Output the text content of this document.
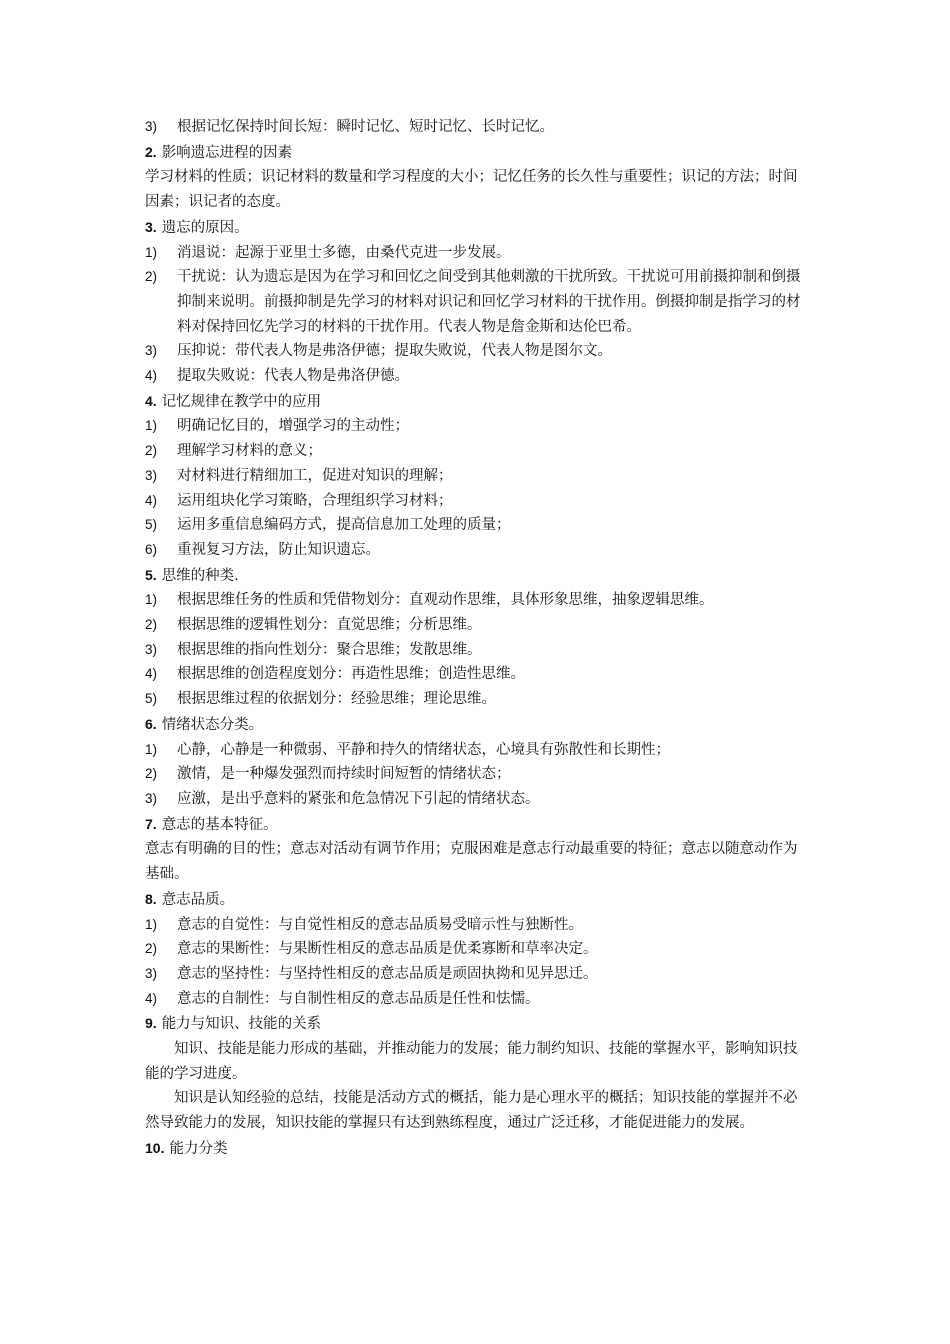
3)	根据记忆保持时间长短：瞬时记忆、短时记忆、长时记忆。
2. 影响遗忘进程的因素
学习材料的性质；识记材料的数量和学习程度的大小；记忆任务的长久性与重要性；识记的方法；时间因素；识记者的态度。
3. 遗忘的原因。
1)	消退说：起源于亚里士多德，由桑代克进一步发展。
2)	干扰说：认为遗忘是因为在学习和回忆之间受到其他刺激的干扰所致。干扰说可用前摄抑制和倒摄抑制来说明。前摄抑制是先学习的材料对识记和回忆学习材料的干扰作用。倒摄抑制是指学习的材料对保持回忆先学习的材料的干扰作用。代表人物是詹金斯和达伦巴希。
3)	压抑说：带代表人物是弗洛伊德；提取失败说，代表人物是图尔文。
4)	提取失败说：代表人物是弗洛伊德。
4. 记忆规律在教学中的应用
1)	明确记忆目的，增强学习的主动性；
2)	理解学习材料的意义；
3)	对材料进行精细加工，促进对知识的理解；
4)	运用组块化学习策略，合理组织学习材料；
5)	运用多重信息编码方式，提高信息加工处理的质量；
6)	重视复习方法，防止知识遗忘。
5. 思维的种类.
1)	根据思维任务的性质和凭借物划分：直观动作思维，具体形象思维，抽象逻辑思维。
2)	根据思维的逻辑性划分：直觉思维；分析思维。
3)	根据思维的指向性划分：聚合思维；发散思维。
4)	根据思维的创造程度划分：再造性思维；创造性思维。
5)	根据思维过程的依据划分：经验思维；理论思维。
6. 情绪状态分类。
1)	心静，心静是一种微弱、平静和持久的情绪状态，心境具有弥散性和长期性；
2)	激情，是一种爆发强烈而持续时间短暂的情绪状态；
3)	应激，是出乎意料的紧张和危急情况下引起的情绪状态。
7. 意志的基本特征。
意志有明确的目的性；意志对活动有调节作用；克服困难是意志行动最重要的特征；意志以随意动作为基础。
8. 意志品质。
1)	意志的自觉性：与自觉性相反的意志品质易受暗示性与独断性。
2)	意志的果断性：与果断性相反的意志品质是优柔寡断和草率决定。
3)	意志的坚持性：与坚持性相反的意志品质是顽固执拗和见异思迁。
4)	意志的自制性：与自制性相反的意志品质是任性和怯懦。
9. 能力与知识、技能的关系
知识、技能是能力形成的基础，并推动能力的发展；能力制约知识、技能的掌握水平，影响知识技能的学习进度。
知识是认知经验的总结，技能是活动方式的概括，能力是心理水平的概括；知识技能的掌握并不必然导致能力的发展，知识技能的掌握只有达到熟练程度，通过广泛迁移，才能促进能力的发展。
10. 能力分类
